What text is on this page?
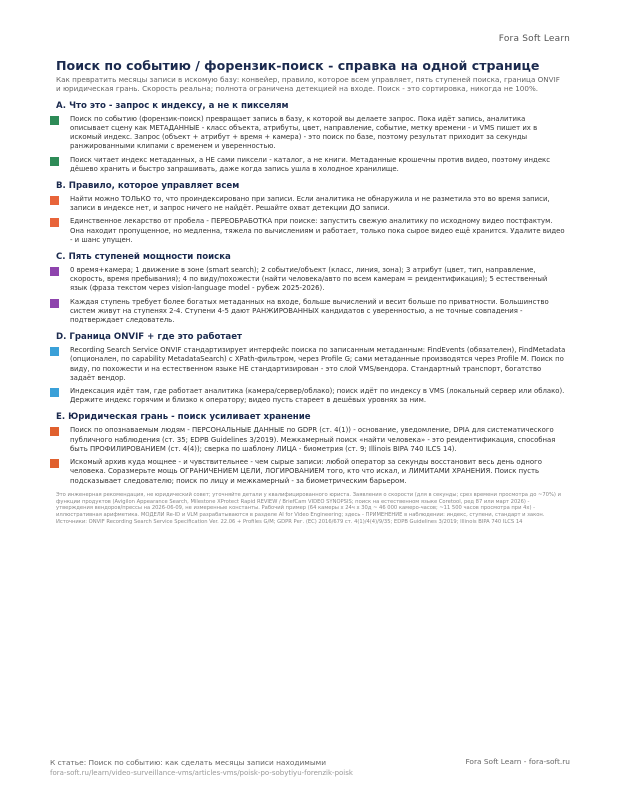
Fora Soft Learn
Поиск по событию / форензик-поиск - справка на одной странице
Как превратить месяцы записи в искомую базу: конвейер, правило, которое всем управляет, пять ступеней поиска, граница ONVIF и юридическая грань. Скорость реальна; полнота ограничена детекцией на входе. Поиск - это сортировка, никогда не 100%.
A. Что это - запрос к индексу, а не к пикселям
Поиск по событию (форензик-поиск) превращает запись в базу, к которой вы делаете запрос. Пока идёт запись, аналитика описывает сцену как МЕТАДАННЫЕ - класс объекта, атрибуты, цвет, направление, событие, метку времени - и VMS пишет их в искомый индекс. Запрос (объект + атрибут + время + камера) - это поиск по базе, поэтому результат приходит за секунды ранжированными клипами с временем и уверенностью.
Поиск читает индекс метаданных, а НЕ сами пиксели - каталог, а не книги. Метаданные крошечны против видео, поэтому индекс дёшево хранить и быстро запрашивать, даже когда запись ушла в холодное хранилище.
B. Правило, которое управляет всем
Найти можно ТОЛЬКО то, что проиндексировано при записи. Если аналитика не обнаружила и не разметила это во время записи, записи в индексе нет, и запрос ничего не найдёт. Решайте охват детекции ДО записи.
Единственное лекарство от пробела - ПЕРЕОБРАБОТКА при поиске: запустить свежую аналитику по исходному видео постфактум. Она находит пропущенное, но медленна, тяжела по вычислениям и работает, только пока сырое видео ещё хранится. Удалите видео - и шанс упущен.
C. Пять ступеней мощности поиска
0 время+камера; 1 движение в зоне (smart search); 2 событие/объект (класс, линия, зона); 3 атрибут (цвет, тип, направление, скорость, время пребывания); 4 по виду/похожести (найти человека/авто по всем камерам = реидентификация); 5 естественный язык (фраза текстом через vision-language model - рубеж 2025-2026).
Каждая ступень требует более богатых метаданных на входе, больше вычислений и весит больше по приватности. Большинство систем живут на ступенях 2-4. Ступени 4-5 дают РАНЖИРОВАННЫХ кандидатов с уверенностью, а не точные совпадения - подтверждает следователь.
D. Граница ONVIF + где это работает
Recording Search Service ONVIF стандартизирует интерфейс поиска по записанным метаданным: FindEvents (обязателен), FindMetadata (опционален, по capability MetadataSearch) с XPath-фильтром, через Profile G; сами метаданные производятся через Profile M. Поиск по виду, по похожести и на естественном языке НЕ стандартизирован - это слой VMS/вендора. Стандартный транспорт, богатство задаёт вендор.
Индексация идёт там, где работает аналитика (камера/сервер/облако); поиск идёт по индексу в VMS (локальный сервер или облако). Держите индекс горячим и близко к оператору; видео пусть стареет в дешёвых уровнях за ним.
E. Юридическая грань - поиск усиливает хранение
Поиск по опознаваемым людям - ПЕРСОНАЛЬНЫЕ ДАННЫЕ по GDPR (ст. 4(1)) - основание, уведомление, DPIA для систематического публичного наблюдения (ст. 35; EDPB Guidelines 3/2019). Межкамерный поиск «найти человека» - это реидентификация, способная быть ПРОФИЛИРОВАНИЕМ (ст. 4(4)); сверка по шаблону ЛИЦА - биометрия (ст. 9; Illinois BIPA 740 ILCS 14).
Искомый архив куда мощнее - и чувствительнее - чем сырые записи: любой оператор за секунды восстановит весь день одного человека. Соразмерьте мощь ОГРАНИЧЕНИЕМ ЦЕЛИ, ЛОГИРОВАНИЕМ того, кто что искал, и ЛИМИТАМИ ХРАНЕНИЯ. Поиск пусть подсказывает следователю; поиск по лицу и межкамерный - за биометрическим барьером.
Это инженерная рекомендация, не юридический совет; уточняйте детали у квалифицированного юриста. Заявления о скорости (для в секунды; срез времени просмотра до ~70%) и функции продуктов (Avigilon Appearance Search, Milestone XProtect Rapid REVIEW / BriefCam VIDEO SYNOPSIS; поиск на естественном языке Coretool, ред 87 или март 2026) - утверждения вендоров/прессы на 2026-06-09, не измеренные константы. Рабочий пример (64 камеры x 24ч x 30д ~ 46 000 камеро-часов; ~11 500 часов просмотра при 4x) - иллюстративная арифметика. МОДЕЛИ Re-ID и VLM разрабатываются в разделе AI for Video Engineering; здесь - ПРИМЕНЕНИЕ в наблюдении: индекс, ступени, стандарт и закон. Источники: ONVIF Recording Search Service Specification Ver. 22.06 + Profiles G/M; GDPR Рег. (ЕС) 2016/679 ст. 4(1)/4(4)/9/35; EDPB Guidelines 3/2019; Illinois BIPA 740 ILCS 14
К статье: Поиск по событию: как сделать месяцы записи находимыми
fora-soft.ru/learn/video-surveillance-vms/articles-vms/poisk-po-sobytiyu-forenzik-poisk
Fora Soft Learn - fora-soft.ru
